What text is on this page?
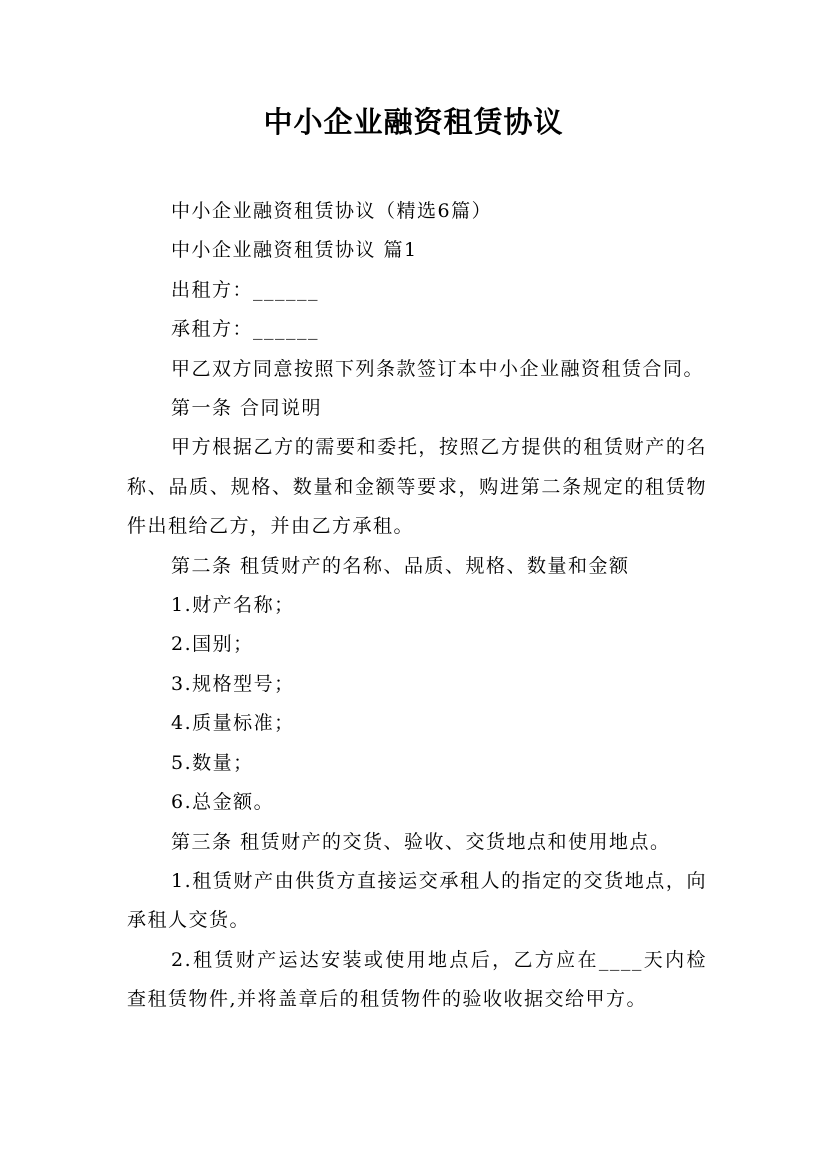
中小企业融资租赁协议

中小企业融资租赁协议（精选6篇）

中小企业融资租赁协议 篇1

出租方：______

承租方：______

甲乙双方同意按照下列条款签订本中小企业融资租赁合同。

第一条 合同说明

甲方根据乙方的需要和委托，按照乙方提供的租赁财产的名称、品质、规格、数量和金额等要求，购进第二条规定的租赁物件出租给乙方，并由乙方承租。

第二条 租赁财产的名称、品质、规格、数量和金额

1.财产名称；

2.国别；

3.规格型号；

4.质量标准；

5.数量；

6.总金额。

第三条 租赁财产的交货、验收、交货地点和使用地点。

1.租赁财产由供货方直接运交承租人的指定的交货地点，向承租人交货。

2.租赁财产运达安装或使用地点后，乙方应在____天内检查租赁物件,并将盖章后的租赁物件的验收收据交给甲方。
